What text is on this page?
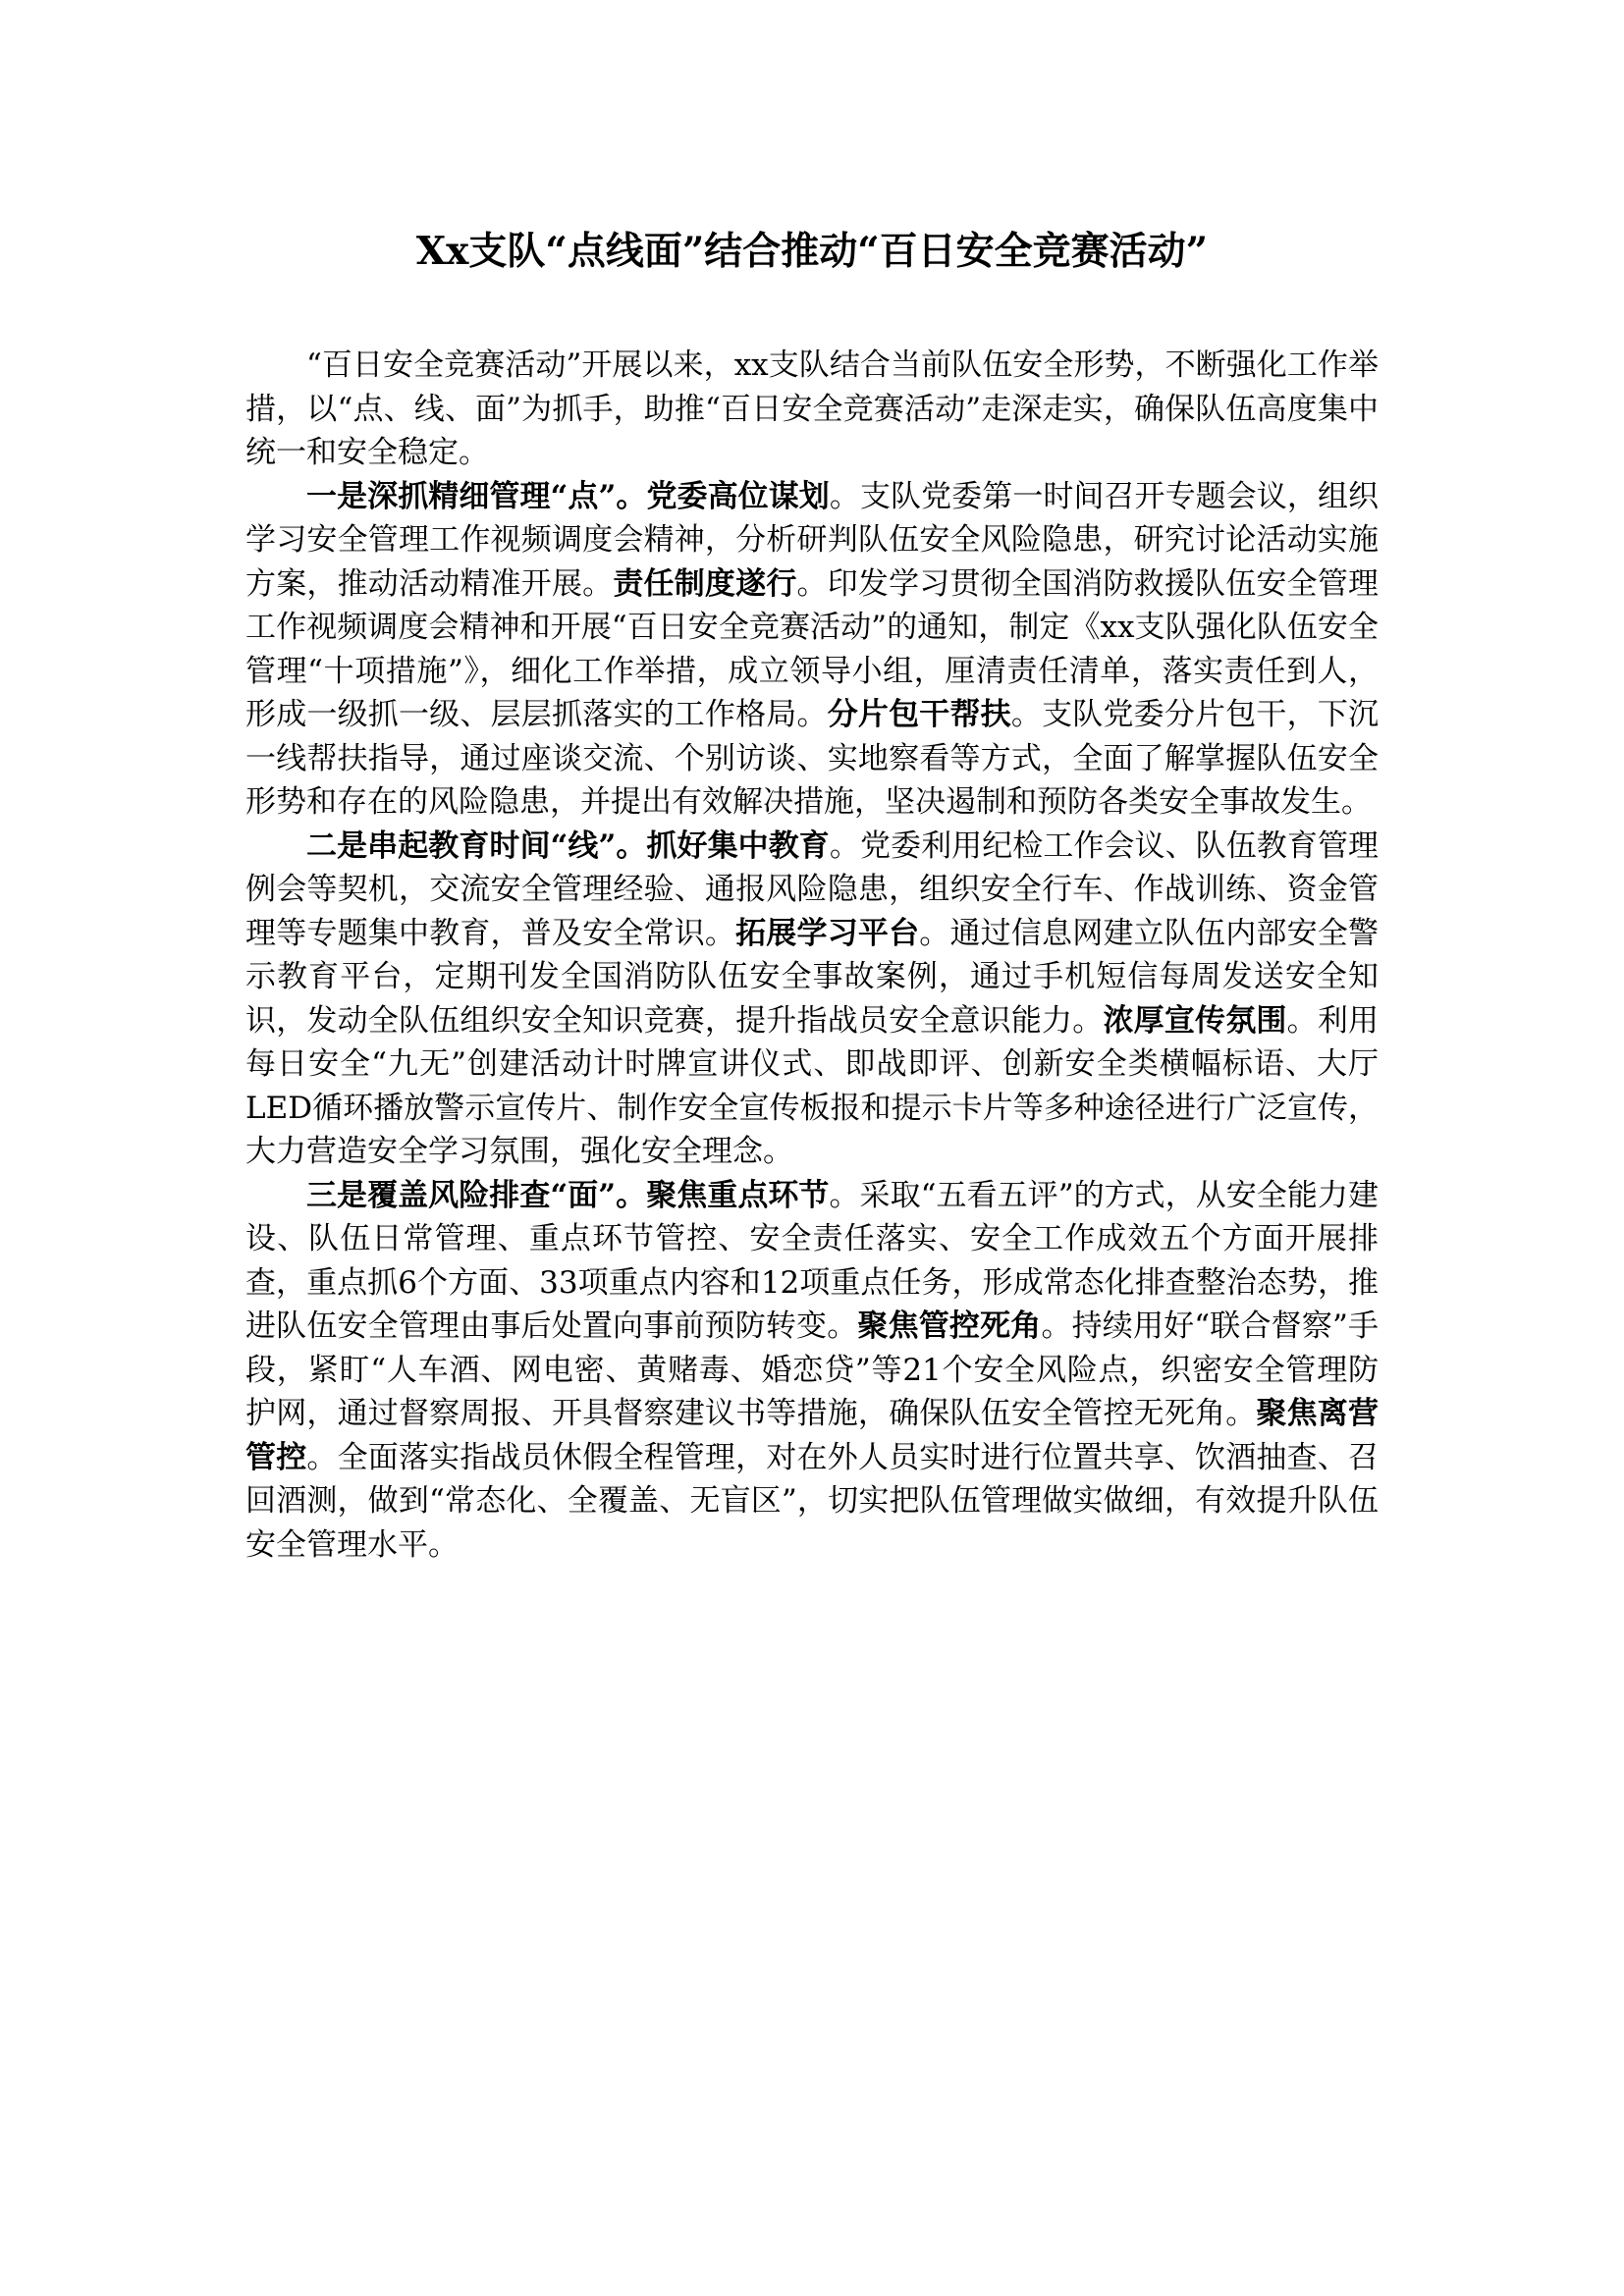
Xx支队“点线面”结合推动“百日安全竞赛活动”

“百日安全竞赛活动”开展以来，xx支队结合当前队伍安全形势，不断强化工作举措，以“点、线、面”为抓手，助推“百日安全竞赛活动”走深走实，确保队伍高度集中统一和安全稳定。

一是深抓精细管理“点”。党委高位谋划。支队党委第一时间召开专题会议，组织学习安全管理工作视频调度会精神，分析研判队伍安全风险隐患，研究讨论活动实施方案，推动活动精准开展。责任制度遂行。印发学习贯彻全国消防救援队伍安全管理工作视频调度会精神和开展“百日安全竞赛活动”的通知，制定《xx支队强化队伍安全管理“十项措施”》，细化工作举措，成立领导小组，厘清责任清单，落实责任到人，形成一级抓一级、层层抓落实的工作格局。分片包干帮扶。支队党委分片包干，下沉一线帮扶指导，通过座谈交流、个别访谈、实地察看等方式，全面了解掌握队伍安全形势和存在的风险隐患，并提出有效解决措施，坚决遏制和预防各类安全事故发生。

二是串起教育时间“线”。抓好集中教育。党委利用纪检工作会议、队伍教育管理例会等契机，交流安全管理经验、通报风险隐患，组织安全行车、作战训练、资金管理等专题集中教育，普及安全常识。拓展学习平台。通过信息网建立队伍内部安全警示教育平台，定期刊发全国消防队伍安全事故案例，通过手机短信每周发送安全知识，发动全队伍组织安全知识竞赛，提升指战员安全意识能力。浓厚宣传氛围。利用每日安全“九无”创建活动计时牌宣讲仪式、即战即评、创新安全类横幅标语、大厅LED循环播放警示宣传片、制作安全宣传板报和提示卡片等多种途径进行广泛宣传，大力营造安全学习氛围，强化安全理念。

三是覆盖风险排查“面”。聚焦重点环节。采取“五看五评”的方式，从安全能力建设、队伍日常管理、重点环节管控、安全责任落实、安全工作成效五个方面开展排查，重点抓6个方面、33项重点内容和12项重点任务，形成常态化排查整治态势，推进队伍安全管理由事后处置向事前预防转变。聚焦管控死角。持续用好“联合督察”手段，紧盯“人车酒、网电密、黄赌毒、婚恋贷”等21个安全风险点，织密安全管理防护网，通过督察周报、开具督察建议书等措施，确保队伍安全管控无死角。聚焦离营管控。全面落实指战员休假全程管理，对在外人员实时进行位置共享、饮酒抽查、召回酒测，做到“常态化、全覆盖、无盲区”，切实把队伍管理做实做细，有效提升队伍安全管理水平。
